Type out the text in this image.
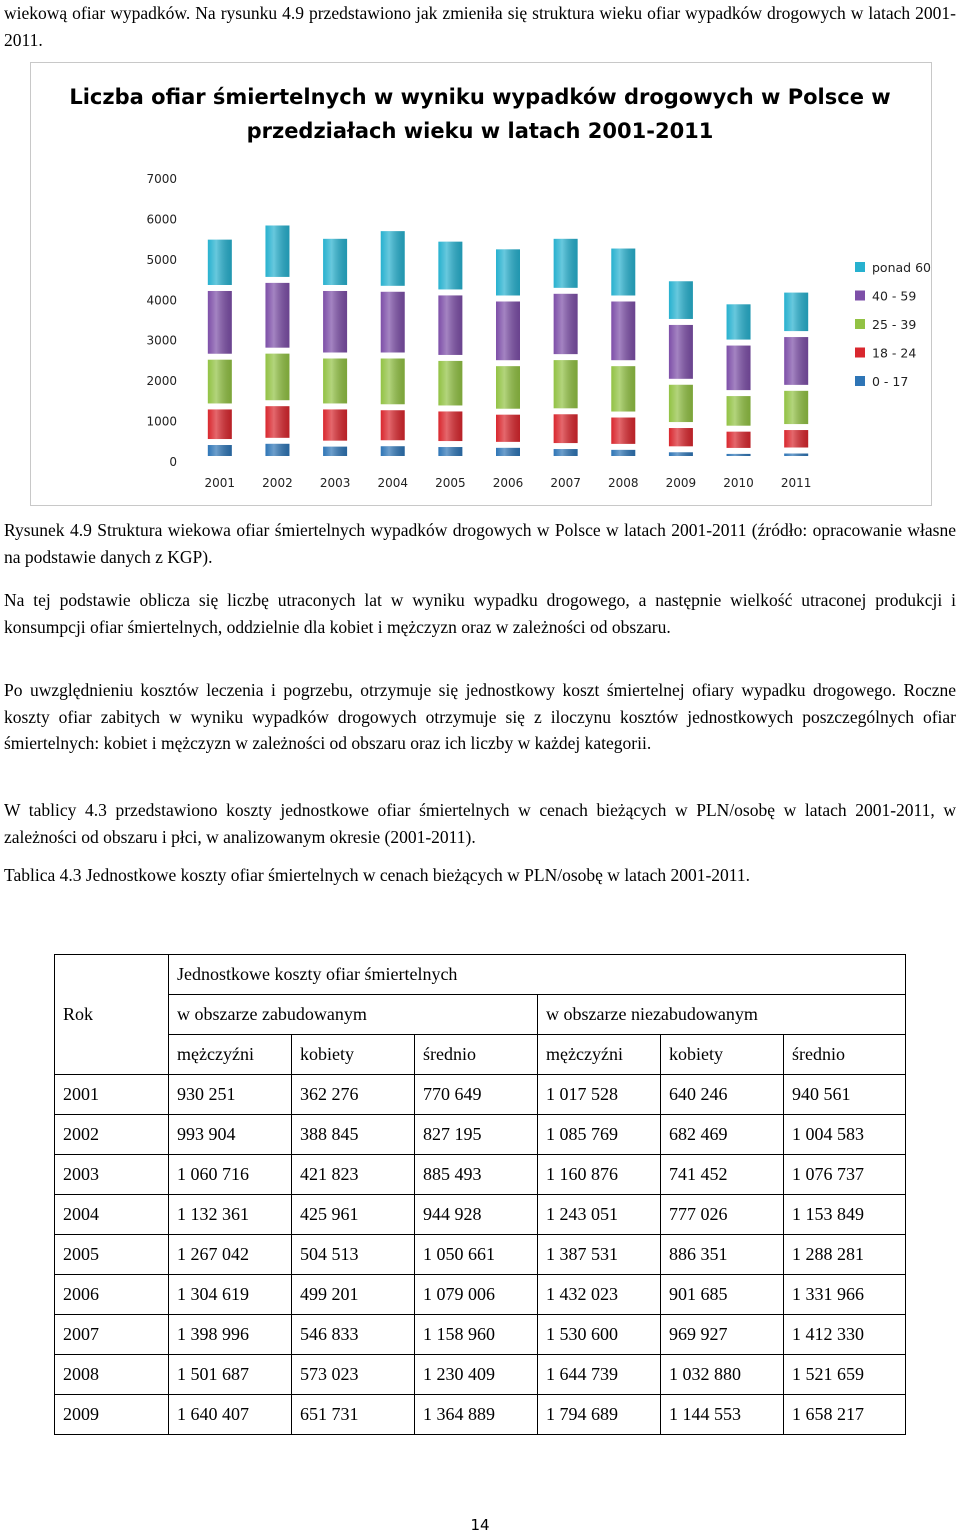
wiekową ofiar wypadków. Na rysunku 4.9 przedstawiono jak zmieniła się struktura wieku ofiar wypadków drogowych w latach 2001-2011.

0
1000
2000
3000
4000
5000
6000
7000
2001 2002 2003 2004 2005 2006 2007 2008 2009 2010 2011
ponad 60
40 - 59
25 - 39
18 - 24
0 - 17
Liczba ofiar śmiertelnych w wyniku wypadków drogowych w Polsce w przedziałach wieku w latach 2001-2011

Rysunek 4.9 Struktura wiekowa ofiar śmiertelnych wypadków drogowych w Polsce w latach 2001-2011 (źródło: opracowanie własne na podstawie danych z KGP).

Na tej podstawie oblicza się liczbę utraconych lat w wyniku wypadku drogowego, a następnie wielkość utraconej produkcji i konsumpcji ofiar śmiertelnych, oddzielnie dla kobiet i mężczyzn oraz w zależności od obszaru.

Po uwzględnieniu kosztów leczenia i pogrzebu, otrzymuje się jednostkowy koszt śmiertelnej ofiary wypadku drogowego. Roczne koszty ofiar zabitych w wyniku wypadków drogowych otrzymuje się z iloczynu kosztów jednostkowych poszczególnych ofiar śmiertelnych: kobiet i mężczyzn w zależności od obszaru oraz ich liczby w każdej kategorii.

W tablicy 4.3 przedstawiono koszty jednostkowe ofiar śmiertelnych w cenach bieżących w PLN/osobę w latach 2001-2011, w zależności od obszaru i płci, w analizowanym okresie (2001-2011).

Tablica 4.3 Jednostkowe koszty ofiar śmiertelnych w cenach bieżących w PLN/osobę w latach 2001-2011.

Rok	Jednostkowe koszty ofiar śmiertelnych					
	w obszarze zabudowanym			w obszarze niezabudowanym		
	mężczyźni	kobiety	średnio	mężczyźni	kobiety	średnio
2001	930 251	362 276	770 649	1 017 528	640 246	940 561
2002	993 904	388 845	827 195	1 085 769	682 469	1 004 583
2003	1 060 716	421 823	885 493	1 160 876	741 452	1 076 737
2004	1 132 361	425 961	944 928	1 243 051	777 026	1 153 849
2005	1 267 042	504 513	1 050 661	1 387 531	886 351	1 288 281
2006	1 304 619	499 201	1 079 006	1 432 023	901 685	1 331 966
2007	1 398 996	546 833	1 158 960	1 530 600	969 927	1 412 330
2008	1 501 687	573 023	1 230 409	1 644 739	1 032 880	1 521 659
2009	1 640 407	651 731	1 364 889	1 794 689	1 144 553	1 658 217
14
